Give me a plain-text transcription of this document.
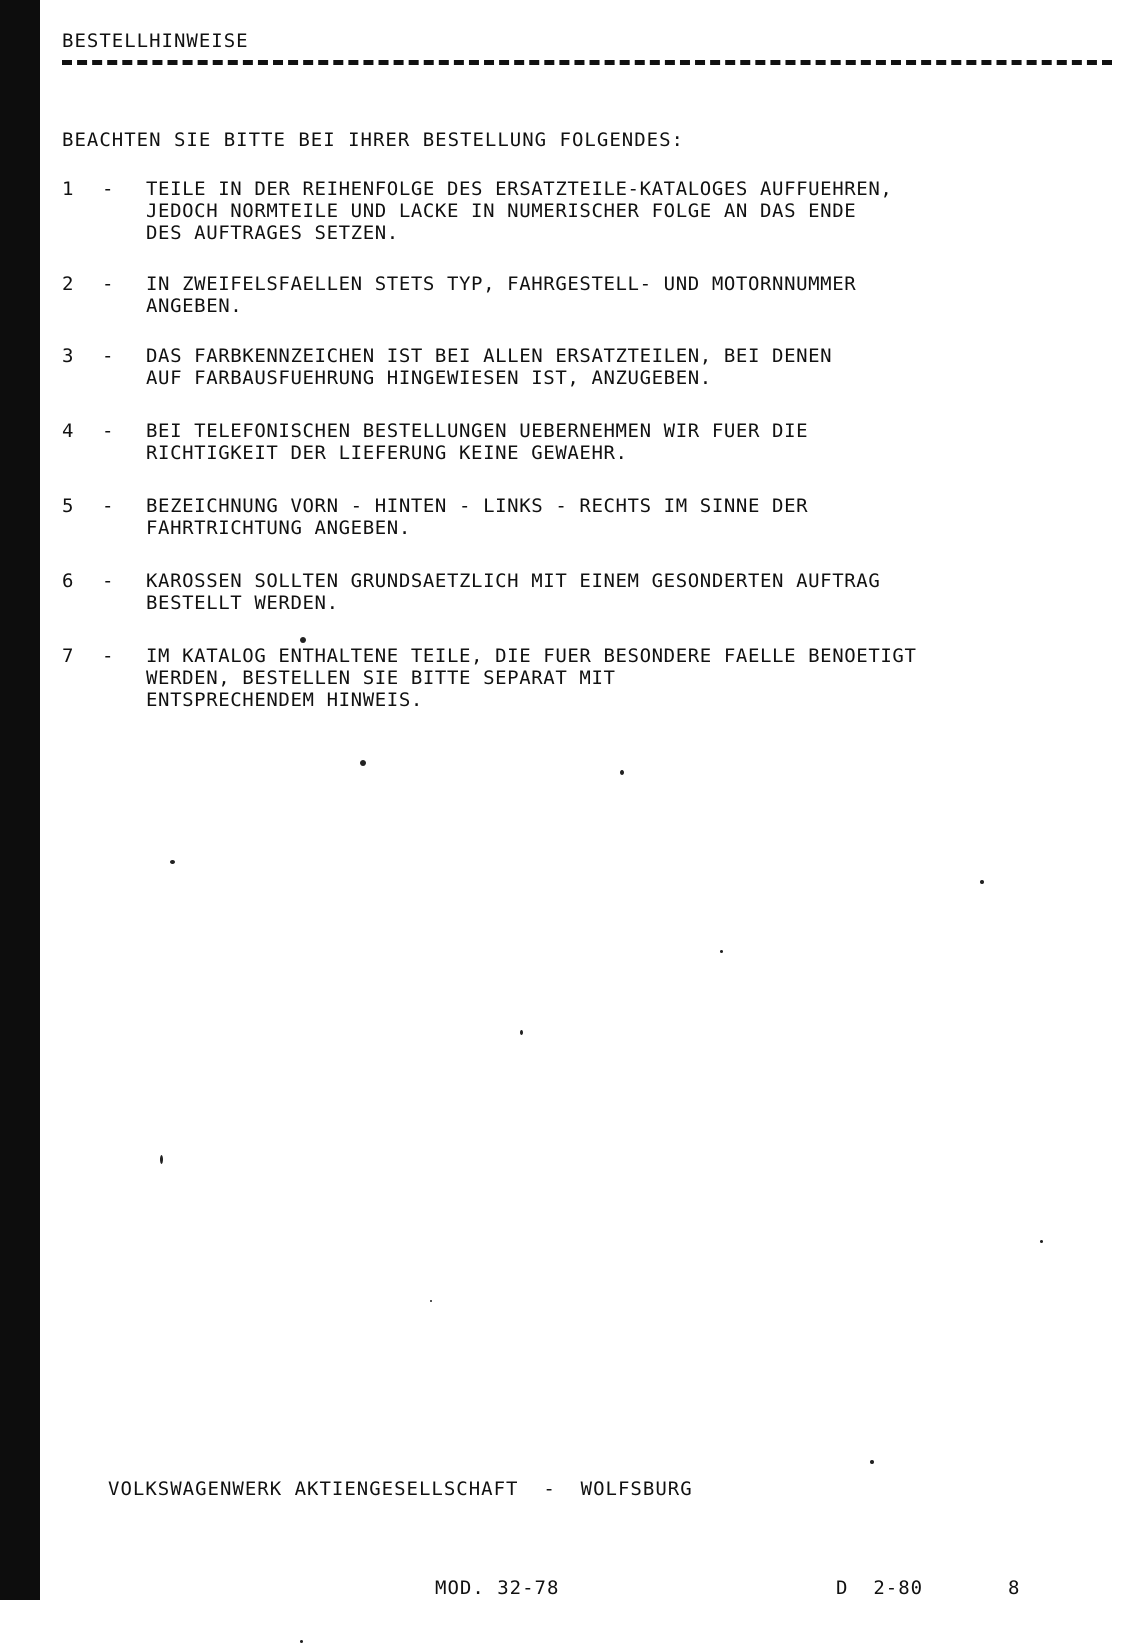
BESTELLHINWEISE
BEACHTEN SIE BITTE BEI IHRER BESTELLUNG FOLGENDES:
1	- TEILE IN DER REIHENFOLGE DES ERSATZTEILE-KATALOGES AUFFUEHREN,
JEDOCH NORMTEILE UND LACKE IN NUMERISCHER FOLGE AN DAS ENDE
DES AUFTRAGES SETZEN.
2	- IN ZWEIFELSFAELLEN STETS TYP, FAHRGESTELL- UND MOTORNNUMMER
ANGEBEN.
3	- DAS FARBKENNZEICHEN IST BEI ALLEN ERSATZTEILEN, BEI DENEN
AUF FARBAUSFUEHRUNG HINGEWIESEN IST, ANZUGEBEN.
4	- BEI TELEFONISCHEN BESTELLUNGEN UEBERNEHMEN WIR FUER DIE
RICHTIGKEIT DER LIEFERUNG KEINE GEWAEHR.
5	- BEZEICHNUNG VORN - HINTEN - LINKS - RECHTS IM SINNE DER
FAHRTRICHTUNG ANGEBEN.
6	- KAROSSEN SOLLTEN GRUNDSAETZLICH MIT EINEM GESONDERTEN AUFTRAG
BESTELLT WERDEN.
7	- IM KATALOG ENTHALTENE TEILE, DIE FUER BESONDERE FAELLE BENOETIGT
WERDEN, BESTELLEN SIE BITTE SEPARAT MIT
ENTSPRECHENDEM HINWEIS.
VOLKSWAGENWERK AKTIENGESELLSCHAFT  -  WOLFSBURG
MOD. 32-78	D  2-80	8
